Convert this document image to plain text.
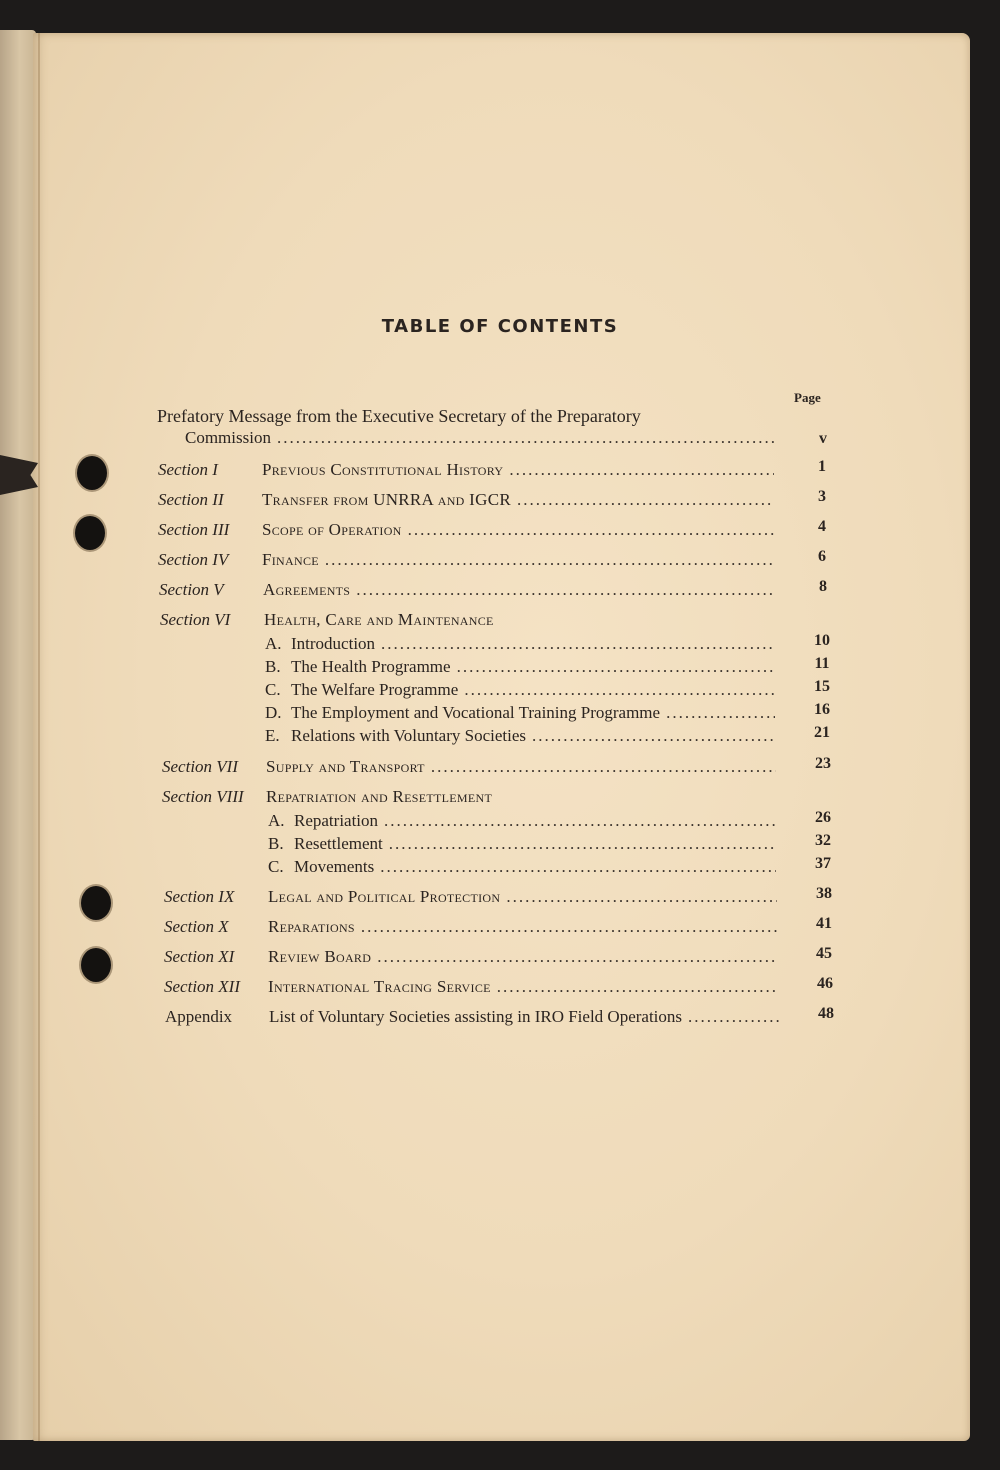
TABLE OF CONTENTS
Page
Prefatory Message from the Executive Secretary of the Preparatory
Commission .....	v
Section I	Previous Constitutional History .....	1
Section II	Transfer from UNRRA and IGCR .....	3
Section III	Scope of Operation .....	4
Section IV	Finance .....	6
Section V	Agreements .....	8
Section VI	Health, Care and Maintenance
A. Introduction .....	10
B. The Health Programme .....	11
C. The Welfare Programme .....	15
D. The Employment and Vocational Training Programme .....	16
E. Relations with Voluntary Societies .....	21
Section VII	Supply and Transport .....	23
Section VIII	Repatriation and Resettlement
A. Repatriation .....	26
B. Resettlement .....	32
C. Movements .....	37
Section IX	Legal and Political Protection .....	38
Section X	Reparations .....	41
Section XI	Review Board .....	45
Section XII	International Tracing Service .....	46
Appendix	List of Voluntary Societies assisting in IRO Field Operations .....	48
